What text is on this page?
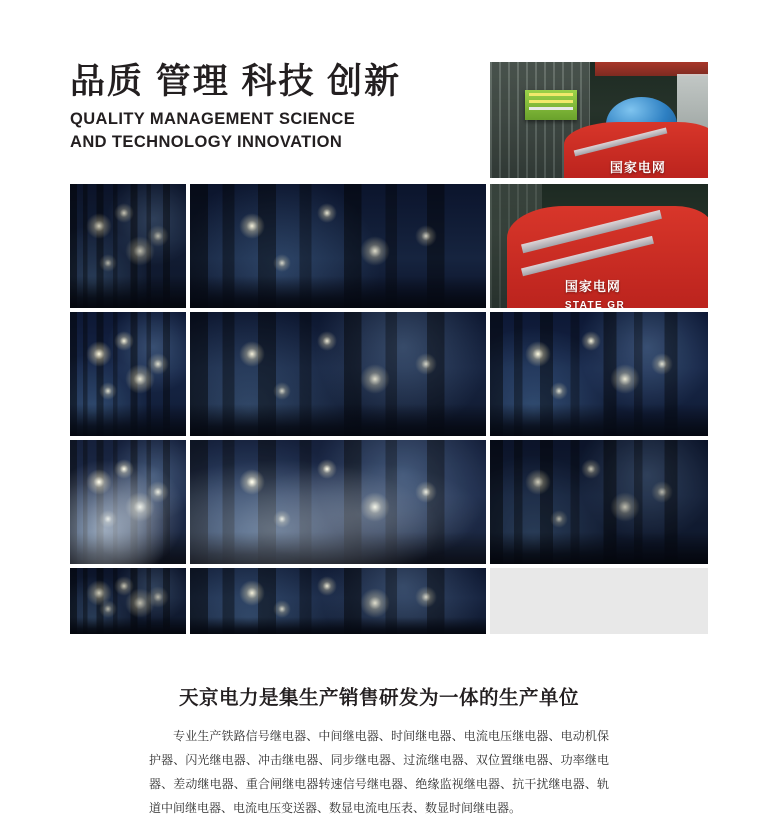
品质 管理 科技 创新
QUALITY MANAGEMENT SCIENCE AND TECHNOLOGY INNOVATION
国家电网
国家电网
STATE GR
天京电力是集生产销售研发为一体的生产单位
专业生产铁路信号继电器、中间继电器、时间继电器、电流电压继电器、电动机保护器、闪光继电器、冲击继电器、同步继电器、过流继电器、双位置继电器、功率继电器、差动继电器、重合闸继电器转速信号继电器、绝缘监视继电器、抗干扰继电器、轨道中间继电器、电流电压变送器、数显电流电压表、数显时间继电器。
